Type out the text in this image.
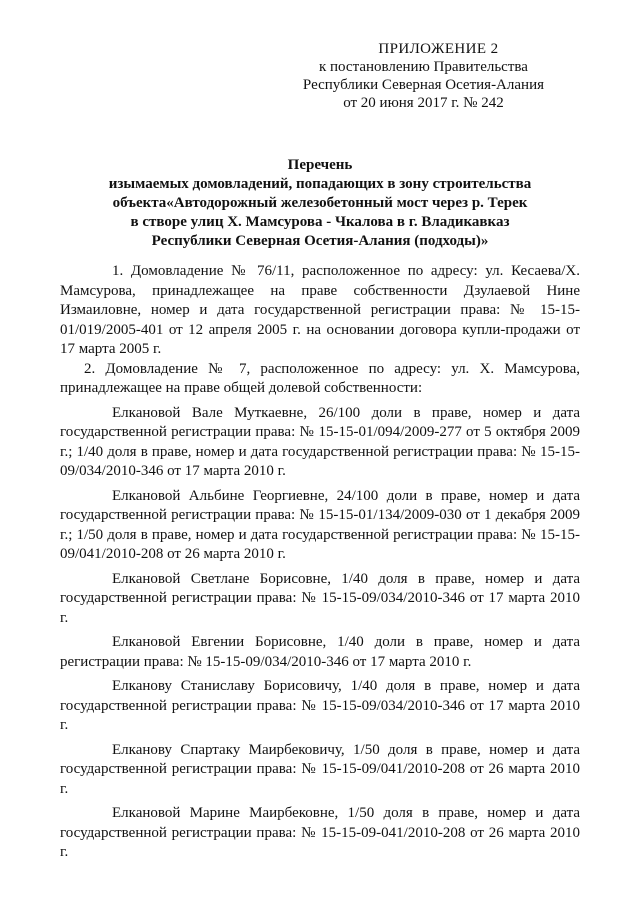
ПРИЛОЖЕНИЕ 2
к постановлению Правительства
Республики Северная Осетия-Алания
от 20 июня 2017 г. № 242
Перечень
изымаемых домовладений, попадающих в зону строительства
объекта«Автодорожный железобетонный мост через р. Терек
в створе улиц Х. Мамсурова - Чкалова в г. Владикавказ
Республики Северная Осетия-Алания (подходы)»

1. Домовладение № 76/11, расположенное по адресу: ул. Кесаева/Х. Мамсурова, принадлежащее на праве собственности Дзулаевой Нине Измаиловне, номер и дата государственной регистрации права: № 15-15-01/019/2005-401 от 12 апреля 2005 г. на основании договора купли-продажи от 17 марта 2005 г.

2. Домовладение № 7, расположенное по адресу: ул. Х. Мамсурова, принадлежащее на праве общей долевой собственности:

Елкановой Вале Муткаевне, 26/100 доли в праве, номер и дата государственной регистрации права: № 15-15-01/094/2009-277 от 5 октября 2009 г.; 1/40 доля в праве, номер и дата государственной регистрации права: № 15-15-09/034/2010-346 от 17 марта 2010 г.

Елкановой Альбине Георгиевне, 24/100 доли в праве, номер и дата государственной регистрации права: № 15-15-01/134/2009-030 от 1 декабря 2009 г.; 1/50 доля в праве, номер и дата государственной регистрации права: № 15-15-09/041/2010-208 от 26 марта 2010 г.

Елкановой Светлане Борисовне, 1/40 доля в праве, номер и дата государственной регистрации права: № 15-15-09/034/2010-346 от 17 марта 2010 г.

Елкановой Евгении Борисовне, 1/40 доли в праве, номер и дата регистрации права: № 15-15-09/034/2010-346 от 17 марта 2010 г.

Елканову Станиславу Борисовичу, 1/40 доля в праве, номер и дата государственной регистрации права: № 15-15-09/034/2010-346 от 17 марта 2010 г.

Елканову Спартаку Маирбековичу, 1/50 доля в праве, номер и дата государственной регистрации права: № 15-15-09/041/2010-208 от 26 марта 2010 г.

Елкановой Марине Маирбековне, 1/50 доля в праве, номер и дата государственной регистрации права: № 15-15-09-041/2010-208 от 26 марта 2010 г.
